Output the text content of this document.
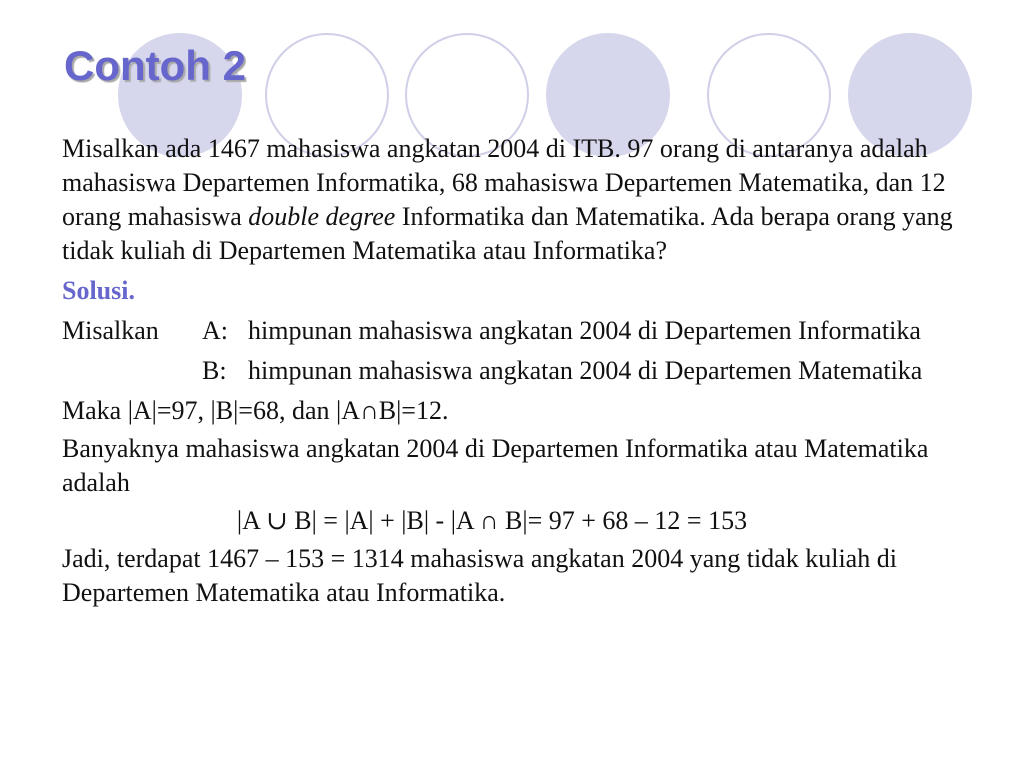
Contoh 2

Misalkan ada 1467 mahasiswa angkatan 2004 di ITB. 97 orang di antaranya adalah mahasiswa Departemen Informatika, 68 mahasiswa Departemen Matematika, dan 12 orang mahasiswa double degree Informatika dan Matematika. Ada berapa orang yang tidak kuliah di Departemen Matematika atau Informatika?

Solusi.

Misalkan A: himpunan mahasiswa angkatan 2004 di Departemen Informatika
B: himpunan mahasiswa angkatan 2004 di Departemen Matematika

Maka |A|=97, |B|=68, dan |A∩B|=12.

Banyaknya mahasiswa angkatan 2004 di Departemen Informatika atau Matematika adalah

|A ∪ B| = |A| + |B| - |A ∩ B|= 97 + 68 – 12 = 153

Jadi, terdapat 1467 – 153 = 1314 mahasiswa angkatan 2004 yang tidak kuliah di Departemen Matematika atau Informatika.
